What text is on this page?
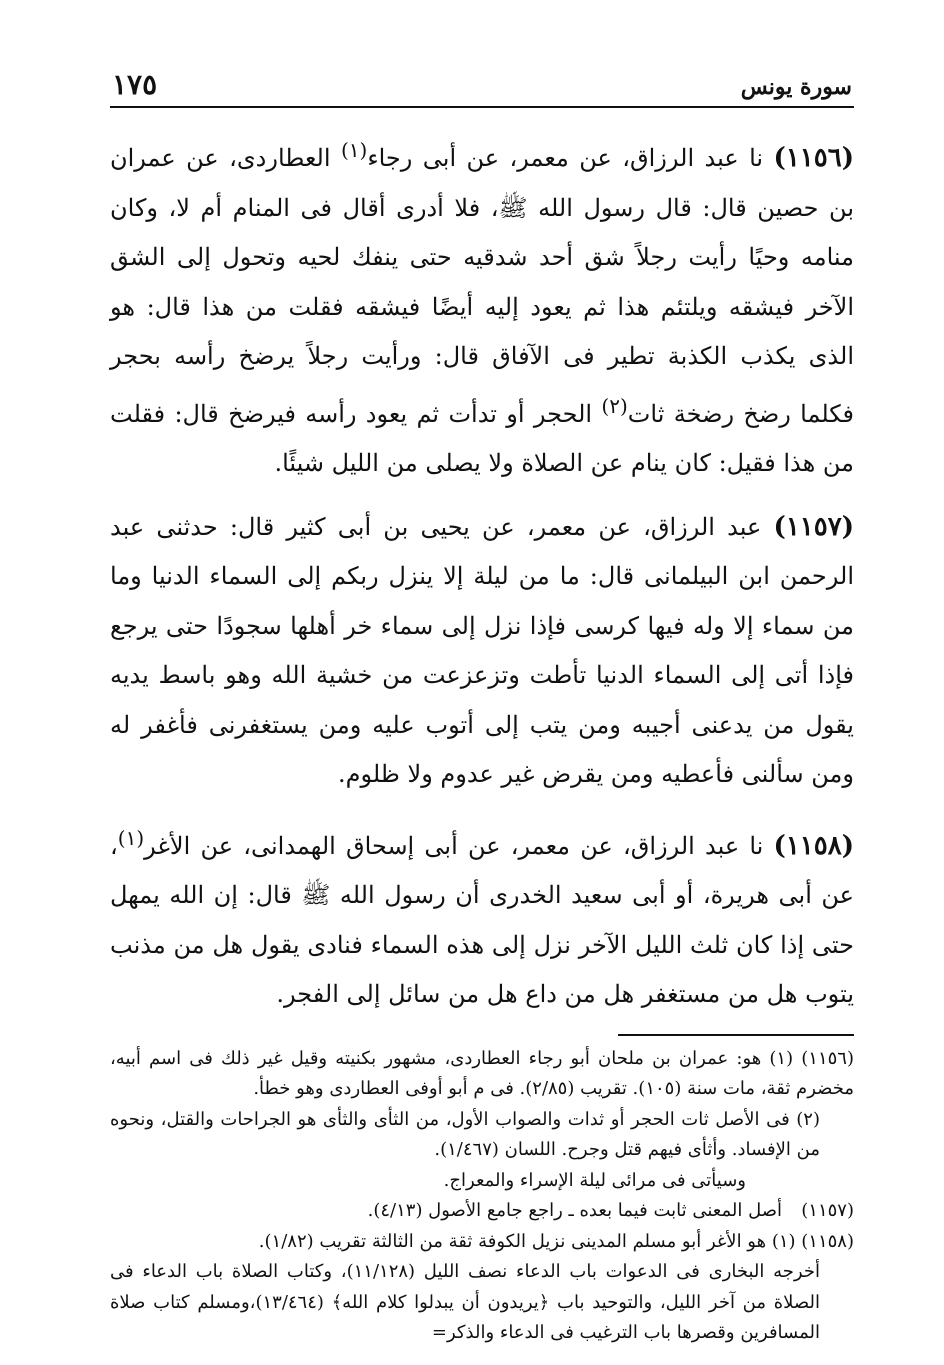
سورة يونس
١٧٥

(١١٥٦) نا عبد الرزاق، عن معمر، عن أبى رجاء$^{(١)}$ العطاردى، عن عمران بن حصين قال: قال رسول الله ﷺ، فلا أدرى أقال فى المنام أم لا، وكان منامه وحيًا رأيت رجلاً شق أحد شدقيه حتى ينفك لحيه وتحول إلى الشق الآخر فيشقه ويلتئم هذا ثم يعود إليه أيضًا فيشقه فقلت من هذا قال: هو الذى يكذب الكذبة تطير فى الآفاق قال: ورأيت رجلاً يرضخ رأسه بحجر فكلما رضخ رضخة ثات$^{(٢)}$ الحجر أو تدأت ثم يعود رأسه فيرضخ قال: فقلت من هذا فقيل: كان ينام عن الصلاة ولا يصلى من الليل شيئًا.

(١١٥٧) عبد الرزاق، عن معمر، عن يحيى بن أبى كثير قال: حدثنى عبد الرحمن ابن البيلمانى قال: ما من ليلة إلا ينزل ربكم إلى السماء الدنيا وما من سماء إلا وله فيها كرسى فإذا نزل إلى سماء خر أهلها سجودًا حتى يرجع فإذا أتى إلى السماء الدنيا تأطت وتزعزعت من خشية الله وهو باسط يديه يقول من يدعنى أجيبه ومن يتب إلى أتوب عليه ومن يستغفرنى فأغفر له ومن سألنى فأعطيه ومن يقرض غير عدوم ولا ظلوم.

(١١٥٨) نا عبد الرزاق، عن معمر، عن أبى إسحاق الهمدانى، عن الأغر$^{(١)}$، عن أبى هريرة، أو أبى سعيد الخدرى أن رسول الله ﷺ قال: إن الله يمهل حتى إذا كان ثلث الليل الآخر نزل إلى هذه السماء فنادى يقول هل من مذنب يتوب هل من مستغفر هل من داع هل من سائل إلى الفجر.

(١١٥٦) (١) هو: عمران بن ملحان أبو رجاء العطاردى، مشهور بكنيته وقيل غير ذلك فى اسم أبيه، مخضرم ثقة، مات سنة (١٠٥). تقريب (٢/٨٥). فى م أبو أوفى العطاردى وهو خطأ.

(٢) فى الأصل ثات الحجر أو ثدات والصواب الأول، من الثأى والثأى هو الجراحات والقتل، ونحوه من الإفساد. وأثأى فيهم قتل وجرح. اللسان (١/٤٦٧).

وسيأتى فى مرائى ليلة الإسراء والمعراج.

(١١٥٧)أصل المعنى ثابت فيما بعده ـ راجع جامع الأصول (٤/١٣).

(١١٥٨) (١) هو الأغر أبو مسلم المدينى نزيل الكوفة ثقة من الثالثة تقريب (١/٨٢).

أخرجه البخارى فى الدعوات باب الدعاء نصف الليل (١١/١٢٨)، وكتاب الصلاة باب الدعاء فى الصلاة من آخر الليل، والتوحيد باب ﴿يريدون أن يبدلوا كلام الله﴾ (١٣/٤٦٤)،ومسلم كتاب صلاة المسافرين وقصرها باب الترغيب فى الدعاء والذكر=
